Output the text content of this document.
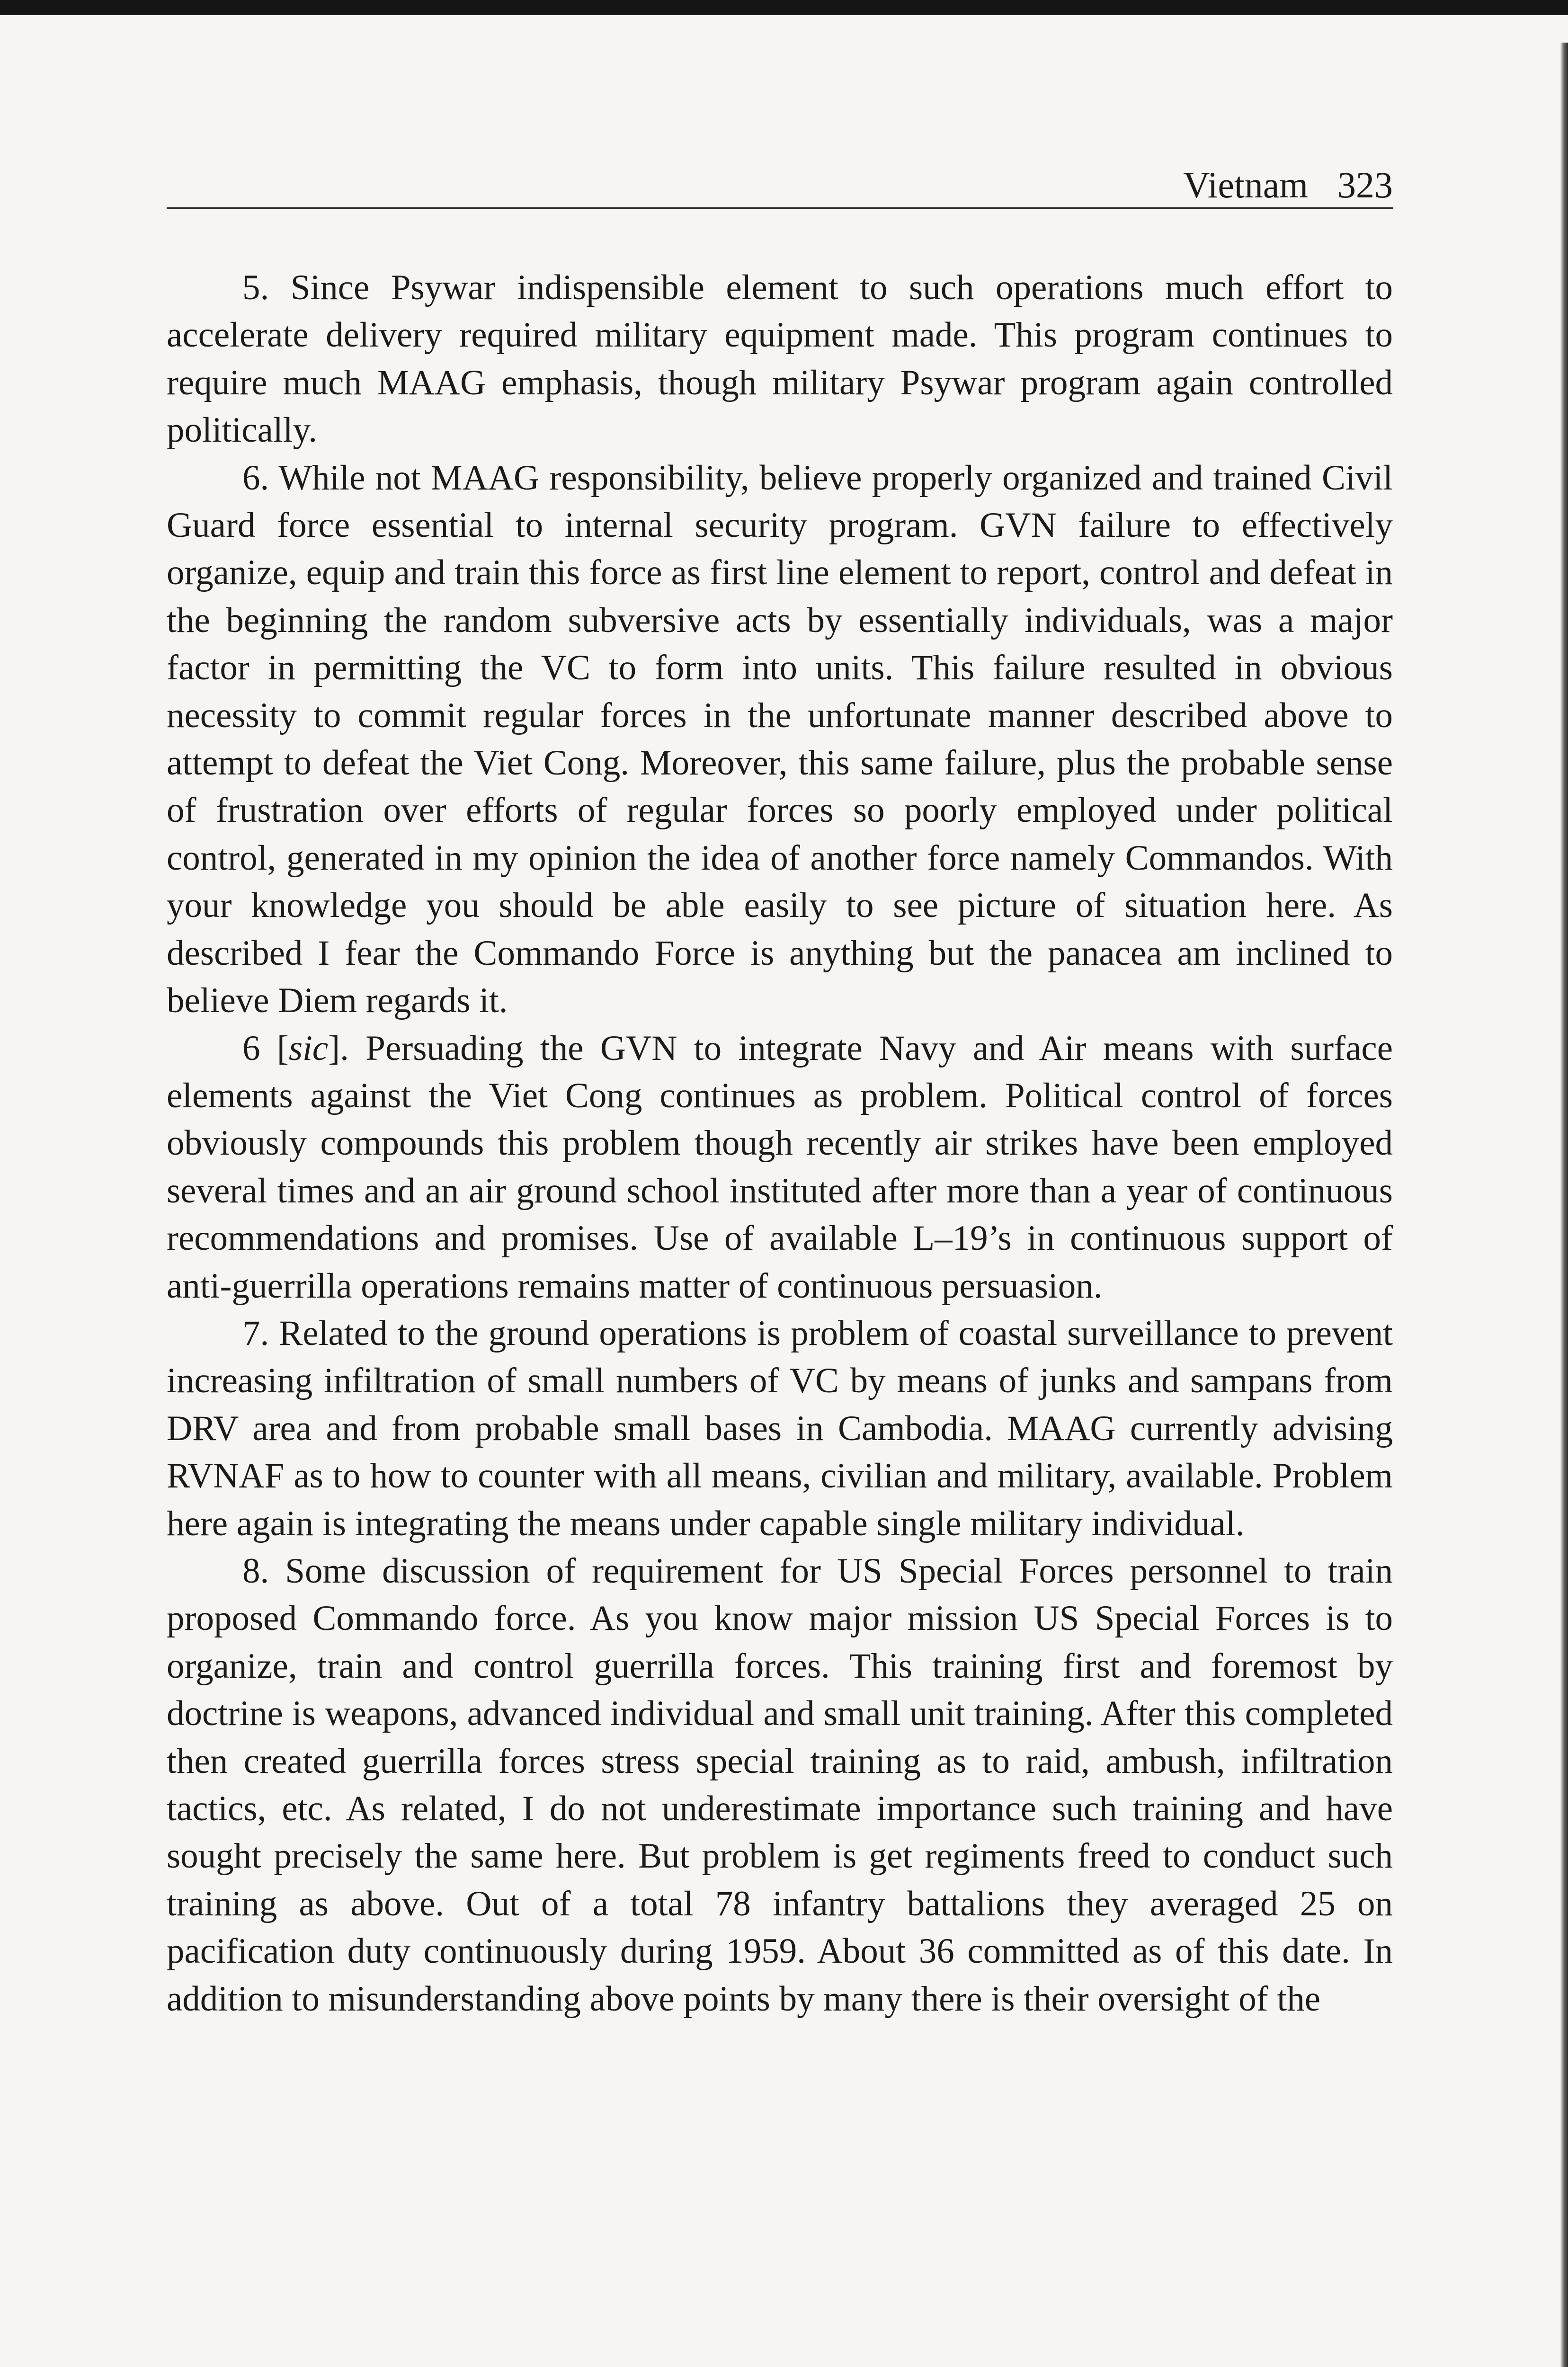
Vietnam 323

5. Since Psywar indispensible element to such operations much effort to accelerate delivery required military equipment made. This program continues to require much MAAG emphasis, though military Psywar program again controlled politically.

6. While not MAAG responsibility, believe properly organized and trained Civil Guard force essential to internal security program. GVN failure to effectively organize, equip and train this force as first line element to report, control and defeat in the beginning the random subversive acts by essentially individuals, was a major factor in permitting the VC to form into units. This failure resulted in obvious necessity to commit regular forces in the unfortunate manner described above to attempt to defeat the Viet Cong. Moreover, this same failure, plus the probable sense of frustration over efforts of regular forces so poorly employed under political control, generated in my opinion the idea of another force namely Commandos. With your knowledge you should be able easily to see picture of situation here. As described I fear the Commando Force is anything but the panacea am inclined to believe Diem regards it.

6 [sic]. Persuading the GVN to integrate Navy and Air means with surface elements against the Viet Cong continues as problem. Political control of forces obviously compounds this problem though recently air strikes have been employed several times and an air ground school instituted after more than a year of continuous recommendations and promises. Use of available L–19’s in continuous support of anti-guerrilla operations remains matter of continuous persuasion.

7. Related to the ground operations is problem of coastal surveillance to prevent increasing infiltration of small numbers of VC by means of junks and sampans from DRV area and from probable small bases in Cambodia. MAAG currently advising RVNAF as to how to counter with all means, civilian and military, available. Problem here again is integrating the means under capable single military individual.

8. Some discussion of requirement for US Special Forces personnel to train proposed Commando force. As you know major mission US Special Forces is to organize, train and control guerrilla forces. This training first and foremost by doctrine is weapons, advanced individual and small unit training. After this completed then created guerrilla forces stress special training as to raid, ambush, infiltration tactics, etc. As related, I do not underestimate importance such training and have sought precisely the same here. But problem is get regiments freed to conduct such training as above. Out of a total 78 infantry battalions they averaged 25 on pacification duty continuously during 1959. About 36 committed as of this date. In addition to misunderstanding above points by many there is their oversight of the
